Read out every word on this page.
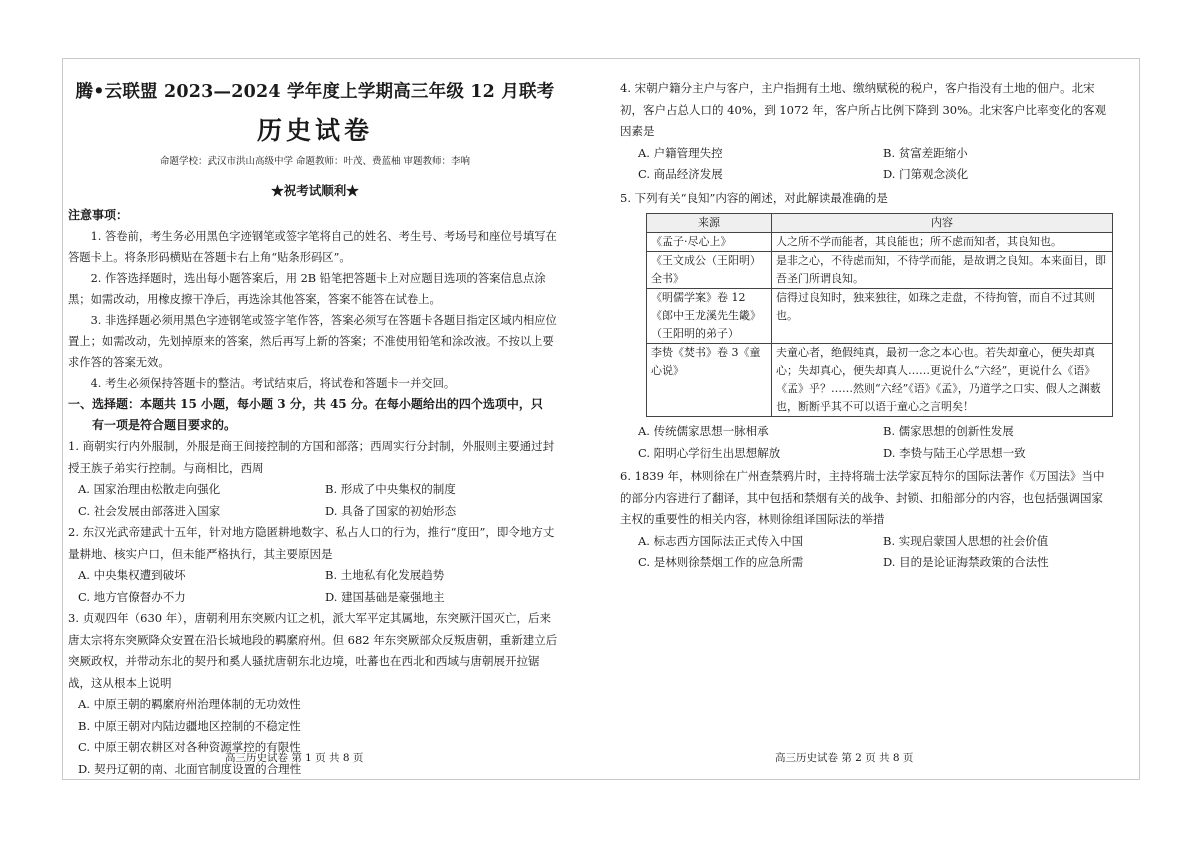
腾•云联盟 2023—2024 学年度上学期高三年级 12 月联考
历史试卷
命题学校：武汉市洪山高级中学 命题教师：叶茂、费蓝柚 审题教师：李响
★祝考试顺利★
注意事项：

1. 答卷前，考生务必用黑色字迹钢笔或签字笔将自己的姓名、考生号、考场号和座位号填写在答题卡上。将条形码横贴在答题卡右上角“贴条形码区”。

2. 作答选择题时，选出每小题答案后，用 2B 铅笔把答题卡上对应题目选项的答案信息点涂黑；如需改动，用橡皮擦干净后，再选涂其他答案，答案不能答在试卷上。

3. 非选择题必须用黑色字迹钢笔或签字笔作答，答案必须写在答题卡各题目指定区域内相应位置上；如需改动，先划掉原来的答案，然后再写上新的答案；不准使用铅笔和涂改液。不按以上要求作答的答案无效。

4. 考生必须保持答题卡的整洁。考试结束后，将试卷和答题卡一并交回。

一、选择题：本题共 15 小题，每小题 3 分，共 45 分。在每小题给出的四个选项中，只
有一项是符合题目要求的。

1. 商朝实行内外服制，外服是商王间接控制的方国和部落；西周实行分封制，外服则主要通过封授王族子弟实行控制。与商相比，西周

A. 国家治理由松散走向强化	B. 形成了中央集权的制度
C. 社会发展由部落进入国家	D. 具备了国家的初始形态

2. 东汉光武帝建武十五年，针对地方隐匿耕地数字、私占人口的行为，推行“度田”，即令地方丈量耕地、核实户口，但未能严格执行，其主要原因是

A. 中央集权遭到破坏	B. 土地私有化发展趋势
C. 地方官僚督办不力	D. 建国基础是豪强地主

3. 贞观四年（630 年），唐朝利用东突厥内讧之机，派大军平定其属地，东突厥汗国灭亡，后来唐太宗将东突厥降众安置在沿长城地段的羁縻府州。但 682 年东突厥部众反叛唐朝，重新建立后突厥政权，并带动东北的契丹和奚人骚扰唐朝东北边境，吐蕃也在西北和西域与唐朝展开拉锯战，这从根本上说明

A. 中原王朝的羁縻府州治理体制的无功效性
B. 中原王朝对内陆边疆地区控制的不稳定性
C. 中原王朝农耕区对各种资源掌控的有限性
D. 契丹辽朝的南、北面官制度设置的合理性
高三历史试卷 第 1 页 共 8 页

4. 宋朝户籍分主户与客户，主户指拥有土地、缴纳赋税的税户，客户指没有土地的佃户。北宋初，客户占总人口的 40%，到 1072 年，客户所占比例下降到 30%。北宋客户比率变化的客观因素是

A. 户籍管理失控	B. 贫富差距缩小
C. 商品经济发展	D. 门第观念淡化

5. 下列有关“良知”内容的阐述，对此解读最准确的是

来源	内容
《孟子·尽心上》	人之所不学而能者，其良能也；所不虑而知者，其良知也。
《王文成公（王阳明）全书》	是非之心，不待虑而知，不待学而能，是故谓之良知。本来面目，即吾圣门所谓良知。
《明儒学案》卷 12《郎中王龙溪先生畿》（王阳明的弟子）	信得过良知时，独来独往，如珠之走盘，不待拘管，而自不过其则也。
李贽《焚书》卷 3《童心说》	夫童心者，绝假纯真，最初一念之本心也。若失却童心，便失却真心；失却真心，便失却真人……更说什么“六经”，更说什么《语》《孟》乎？……然则“六经”《语》《孟》，乃道学之口实、假人之渊薮也，断断乎其不可以语于童心之言明矣！
A. 传统儒家思想一脉相承	B. 儒家思想的创新性发展
C. 阳明心学衍生出思想解放	D. 李贽与陆王心学思想一致

6. 1839 年，林则徐在广州查禁鸦片时，主持将瑞士法学家瓦特尔的国际法著作《万国法》当中的部分内容进行了翻译，其中包括和禁烟有关的战争、封锁、扣船部分的内容，也包括强调国家主权的重要性的相关内容，林则徐组译国际法的举措

A. 标志西方国际法正式传入中国	B. 实现启蒙国人思想的社会价值
C. 是林则徐禁烟工作的应急所需	D. 目的是论证海禁政策的合法性
高三历史试卷 第 2 页 共 8 页
